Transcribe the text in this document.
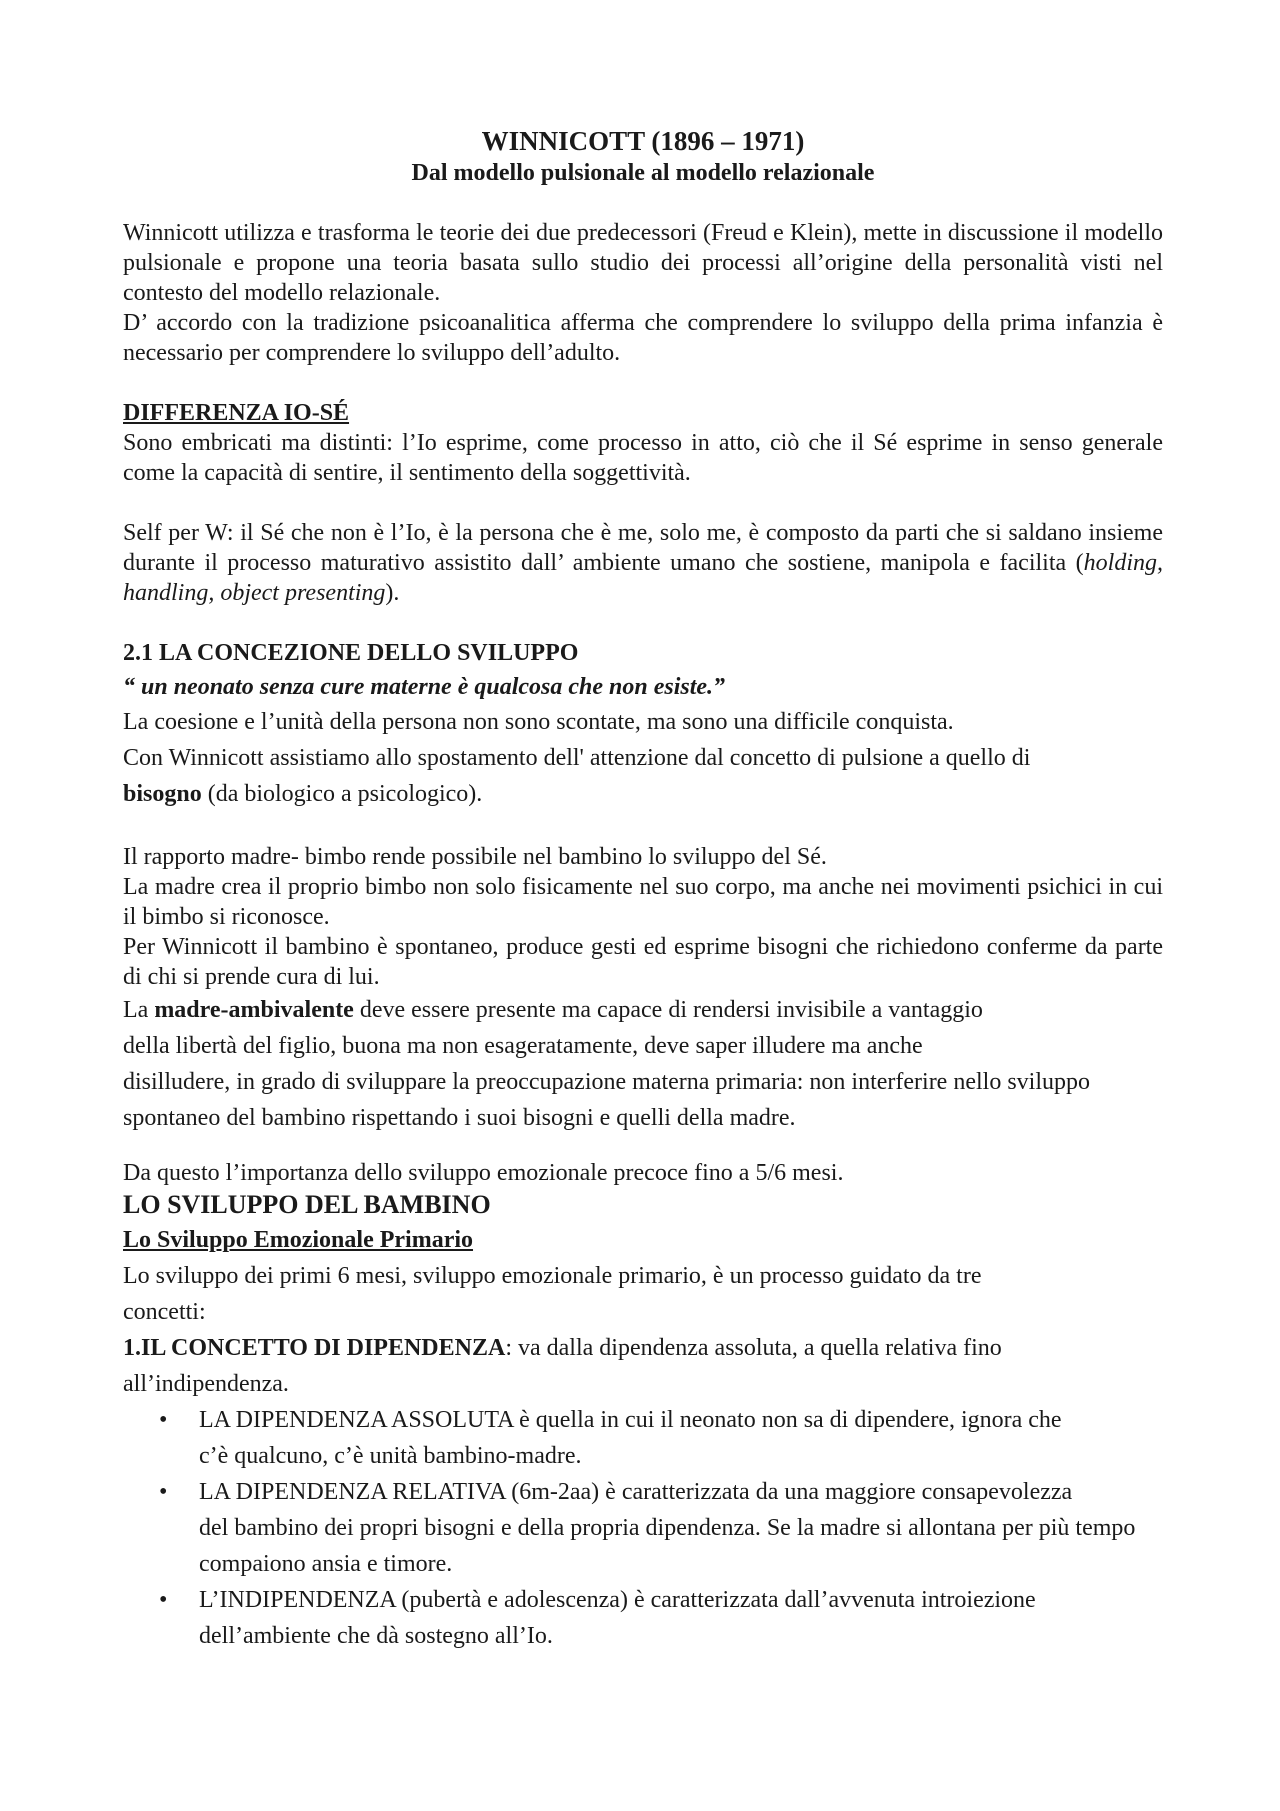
WINNICOTT (1896 – 1971)
Dal modello pulsionale al modello relazionale

Winnicott utilizza e trasforma le teorie dei due predecessori (Freud e Klein), mette in discussione il modello pulsionale e propone una teoria basata sullo studio dei processi all’origine della personalità visti nel contesto del modello relazionale.

D’ accordo con la tradizione psicoanalitica afferma che comprendere lo sviluppo della prima infanzia è necessario per comprendere lo sviluppo dell’adulto.

DIFFERENZA IO-SÉ

Sono embricati ma distinti: l’Io esprime, come processo in atto, ciò che il Sé esprime in senso generale come la capacità di sentire, il sentimento della soggettività.

Self per W: il Sé che non è l’Io, è la persona che è me, solo me, è composto da parti che si saldano insieme durante il processo maturativo assistito dall’ ambiente umano che sostiene, manipola e facilita (holding, handling, object presenting).

2.1 LA CONCEZIONE DELLO SVILUPPO

“ un neonato senza cure materne è qualcosa che non esiste.”

La coesione e l’unità della persona non sono scontate, ma sono una difficile conquista.

Con Winnicott assistiamo allo spostamento dell' attenzione dal concetto di pulsione a quello di
bisogno (da biologico a psicologico).

Il rapporto madre- bimbo rende possibile nel bambino lo sviluppo del Sé.

La madre crea il proprio bimbo non solo fisicamente nel suo corpo, ma anche nei movimenti psichici in cui il bimbo si riconosce.

Per Winnicott il bambino è spontaneo, produce gesti ed esprime bisogni che richiedono conferme da parte di chi si prende cura di lui.

La madre-ambivalente deve essere presente ma capace di rendersi invisibile a vantaggio
della libertà del figlio, buona ma non esageratamente, deve saper illudere ma anche
disilludere, in grado di sviluppare la preoccupazione materna primaria: non interferire nello sviluppo spontaneo del bambino rispettando i suoi bisogni e quelli della madre.

Da questo l’importanza dello sviluppo emozionale precoce fino a 5/6 mesi.

LO SVILUPPO DEL BAMBINO

Lo Sviluppo Emozionale Primario

Lo sviluppo dei primi 6 mesi, sviluppo emozionale primario, è un processo guidato da tre
concetti:

1.IL CONCETTO DI DIPENDENZA: va dalla dipendenza assoluta, a quella relativa fino
all’indipendenza.

• LA DIPENDENZA ASSOLUTA è quella in cui il neonato non sa di dipendere, ignora che
c’è qualcuno, c’è unità bambino-madre.
• LA DIPENDENZA RELATIVA (6m-2aa) è caratterizzata da una maggiore consapevolezza
del bambino dei propri bisogni e della propria dipendenza. Se la madre si allontana per più tempo compaiono ansia e timore.
• L’INDIPENDENZA (pubertà e adolescenza) è caratterizzata dall’avvenuta introiezione
dell’ambiente che dà sostegno all’Io.
